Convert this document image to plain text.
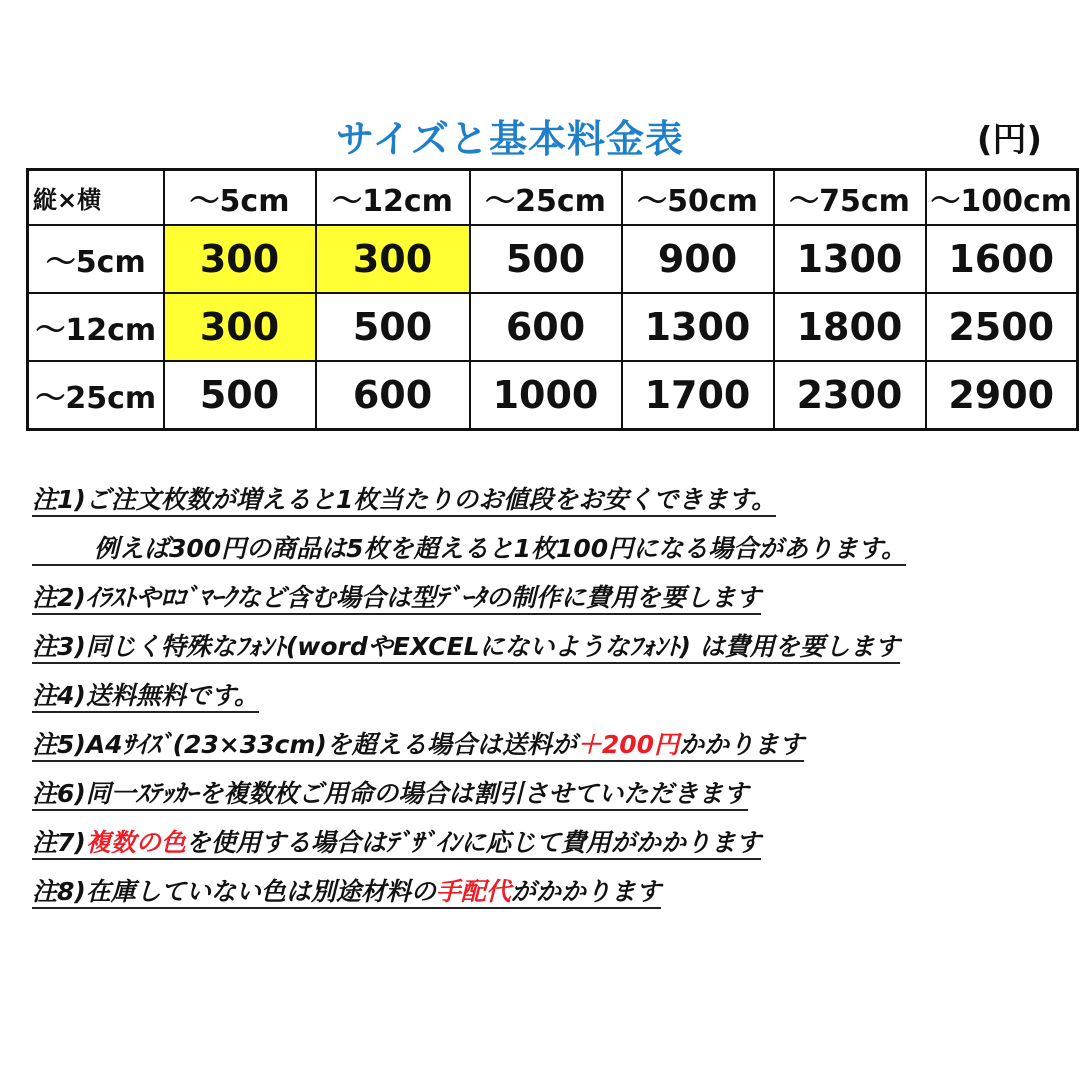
サイズと基本料金表	(円)
縦×横	～5cm	～12cm	～25cm	～50cm	～75cm	～100cm
～5cm	300	300	500	900	1300	1600
～12cm	300	500	600	1300	1800	2500
～25cm	500	600	1000	1700	2300	2900
注1)ご注文枚数が増えると1枚当たりのお値段をお安くできます。
例えば300円の商品は5枚を超えると1枚100円になる場合があります。
注2)ｲﾗｽﾄやﾛｺﾞﾏｰｸなど含む場合は型ﾃﾞｰﾀの制作に費用を要します
注3)同じく特殊なﾌｫﾝﾄ(wordやEXCELにないようなﾌｫﾝﾄ) は費用を要します
注4)送料無料です。
注5)A4ｻｲｽﾞ(23×33cm)を超える場合は送料が＋200円かかります
注6)同一ｽﾃｯｶｰを複数枚ご用命の場合は割引させていただきます
注7)複数の色を使用する場合はﾃﾞｻﾞｲﾝに応じて費用がかかります
注8)在庫していない色は別途材料の手配代がかかります
